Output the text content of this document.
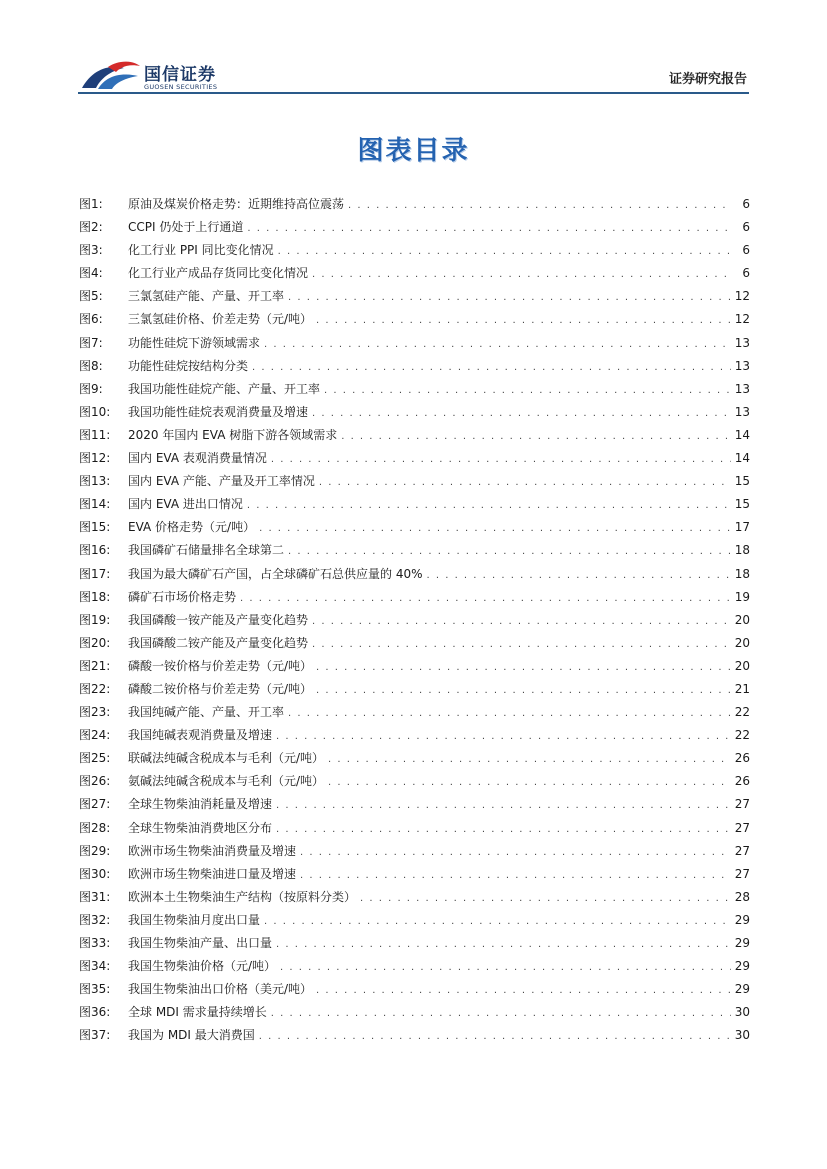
国信证券
GUOSEN SECURITIES	证券研究报告
图表目录
图1:	原油及煤炭价格走势：近期维持高位震荡 . . .	6
图2:	CCPI 仍处于上行通道 . . .	6
图3:	化工行业 PPI 同比变化情况 . . .	6
图4:	化工行业产成品存货同比变化情况 . . .	6
图5:	三氯氢硅产能、产量、开工率 . . .	12
图6:	三氯氢硅价格、价差走势（元/吨） . . .	12
图7:	功能性硅烷下游领域需求 . . .	13
图8:	功能性硅烷按结构分类 . . .	13
图9:	我国功能性硅烷产能、产量、开工率 . . .	13
图10:	我国功能性硅烷表观消费量及增速 . . .	13
图11:	2020 年国内 EVA 树脂下游各领域需求 . . .	14
图12:	国内 EVA 表观消费量情况 . . .	14
图13:	国内 EVA 产能、产量及开工率情况 . . .	15
图14:	国内 EVA 进出口情况 . . .	15
图15:	EVA 价格走势（元/吨） . . .	17
图16:	我国磷矿石储量排名全球第二 . . .	18
图17:	我国为最大磷矿石产国，占全球磷矿石总供应量的 40% . . .	18
图18:	磷矿石市场价格走势 . . .	19
图19:	我国磷酸一铵产能及产量变化趋势 . . .	20
图20:	我国磷酸二铵产能及产量变化趋势 . . .	20
图21:	磷酸一铵价格与价差走势（元/吨） . . .	20
图22:	磷酸二铵价格与价差走势（元/吨） . . .	21
图23:	我国纯碱产能、产量、开工率 . . .	22
图24:	我国纯碱表观消费量及增速 . . .	22
图25:	联碱法纯碱含税成本与毛利（元/吨） . . .	26
图26:	氨碱法纯碱含税成本与毛利（元/吨） . . .	26
图27:	全球生物柴油消耗量及增速 . . .	27
图28:	全球生物柴油消费地区分布 . . .	27
图29:	欧洲市场生物柴油消费量及增速 . . .	27
图30:	欧洲市场生物柴油进口量及增速 . . .	27
图31:	欧洲本土生物柴油生产结构（按原料分类） . . .	28
图32:	我国生物柴油月度出口量 . . .	29
图33:	我国生物柴油产量、出口量 . . .	29
图34:	我国生物柴油价格（元/吨） . . .	29
图35:	我国生物柴油出口价格（美元/吨） . . .	29
图36:	全球 MDI 需求量持续增长 . . .	30
图37:	我国为 MDI 最大消费国 . . .	30
